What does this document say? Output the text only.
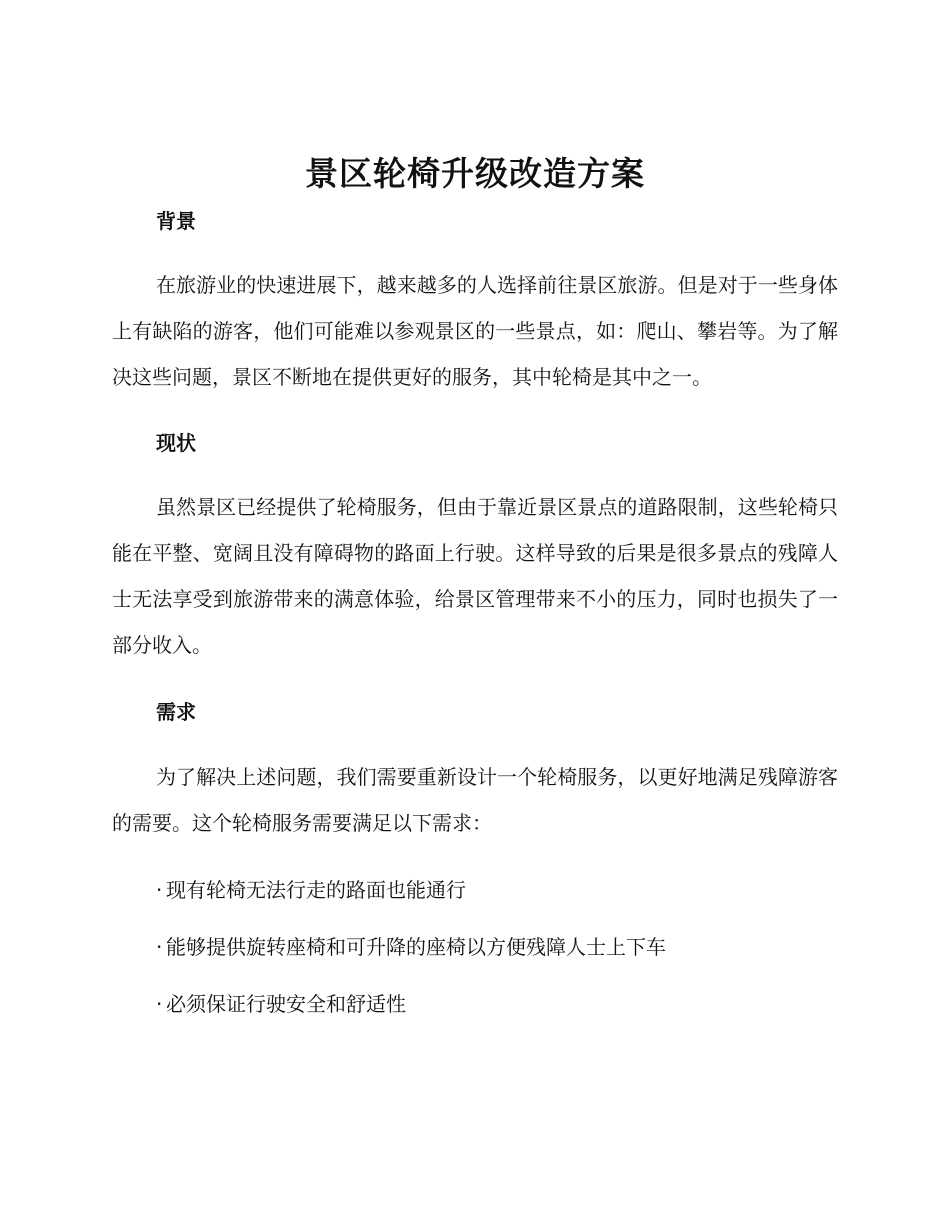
景区轮椅升级改造方案
背景

在旅游业的快速进展下，越来越多的人选择前往景区旅游。但是对于一些身体上有缺陷的游客，他们可能难以参观景区的一些景点，如：爬山、攀岩等。为了解决这些问题，景区不断地在提供更好的服务，其中轮椅是其中之一。

现状

虽然景区已经提供了轮椅服务，但由于靠近景区景点的道路限制，这些轮椅只能在平整、宽阔且没有障碍物的路面上行驶。这样导致的后果是很多景点的残障人士无法享受到旅游带来的满意体验，给景区管理带来不小的压力，同时也损失了一部分收入。

需求

为了解决上述问题，我们需要重新设计一个轮椅服务，以更好地满足残障游客的需要。这个轮椅服务需要满足以下需求：

· 现有轮椅无法行走的路面也能通行
· 能够提供旋转座椅和可升降的座椅以方便残障人士上下车
· 必须保证行驶安全和舒适性
